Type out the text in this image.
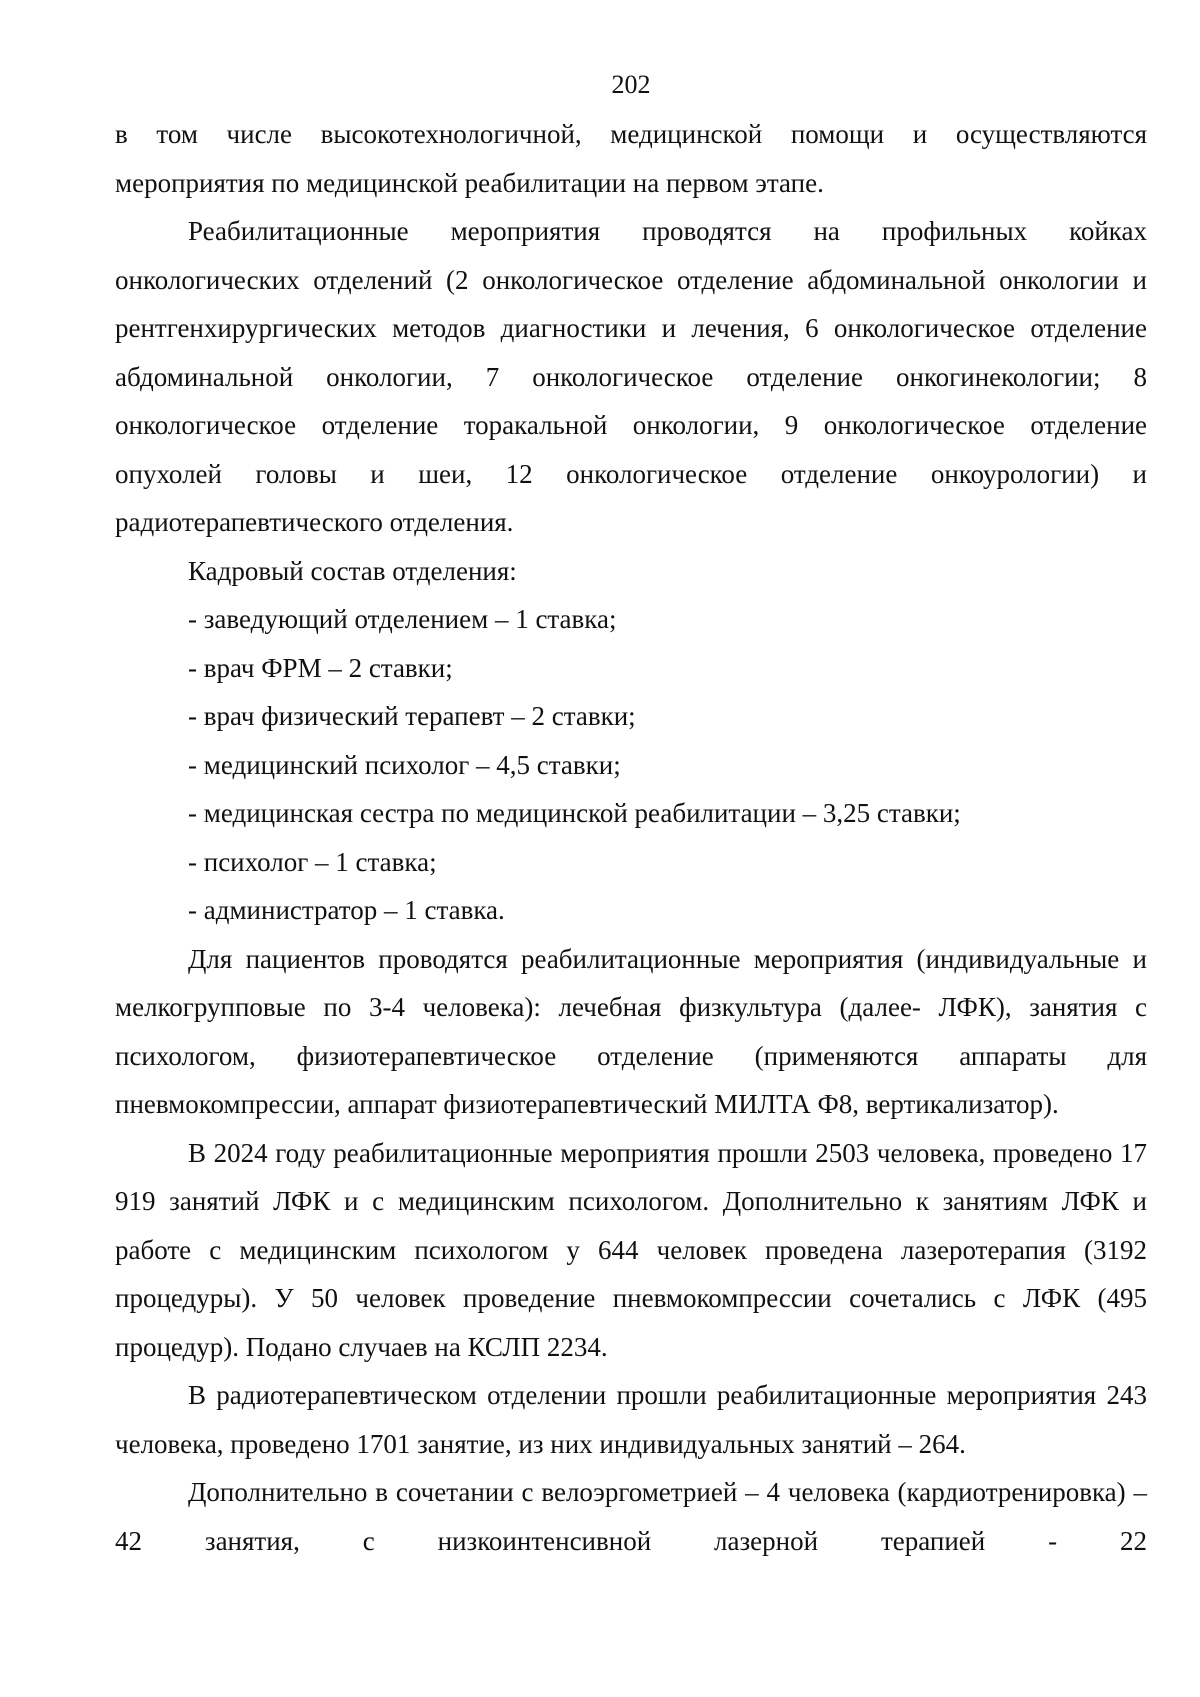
202

в том числе высокотехнологичной, медицинской помощи и осуществляются мероприятия по медицинской реабилитации на первом этапе.

Реабилитационные мероприятия проводятся на профильных койках онкологических отделений (2 онкологическое отделение абдоминальной онкологии и рентгенхирургических методов диагностики и лечения, 6 онкологическое отделение абдоминальной онкологии, 7 онкологическое отделение онкогинекологии; 8 онкологическое отделение торакальной онкологии, 9 онкологическое отделение опухолей головы и шеи, 12 онкологическое отделение онкоурологии) и радиотерапевтического отделения.

Кадровый состав отделения:

- заведующий отделением – 1 ставка;

- врач ФРМ – 2 ставки;

- врач физический терапевт – 2 ставки;

- медицинский психолог – 4,5 ставки;

- медицинская сестра по медицинской реабилитации – 3,25 ставки;

- психолог – 1 ставка;

- администратор – 1 ставка.

Для пациентов проводятся реабилитационные мероприятия (индивидуальные и мелкогрупповые по 3-4 человека): лечебная физкультура (далее- ЛФК), занятия с психологом, физиотерапевтическое отделение (применяются аппараты для пневмокомпрессии, аппарат физиотерапевтический МИЛТА Ф8, вертикализатор).

В 2024 году реабилитационные мероприятия прошли 2503 человека, проведено 17 919 занятий ЛФК и с медицинским психологом. Дополнительно к занятиям ЛФК и работе с медицинским психологом у 644 человек проведена лазеротерапия (3192 процедуры). У 50 человек проведение пневмокомпрессии сочетались с ЛФК (495 процедур). Подано случаев на КСЛП 2234.

В радиотерапевтическом отделении прошли реабилитационные мероприятия 243 человека, проведено 1701 занятие, из них индивидуальных занятий – 264.

Дополнительно в сочетании с велоэргометрией – 4 человека (кардиотренировка) – 42 занятия, с низкоинтенсивной лазерной терапией - 22
